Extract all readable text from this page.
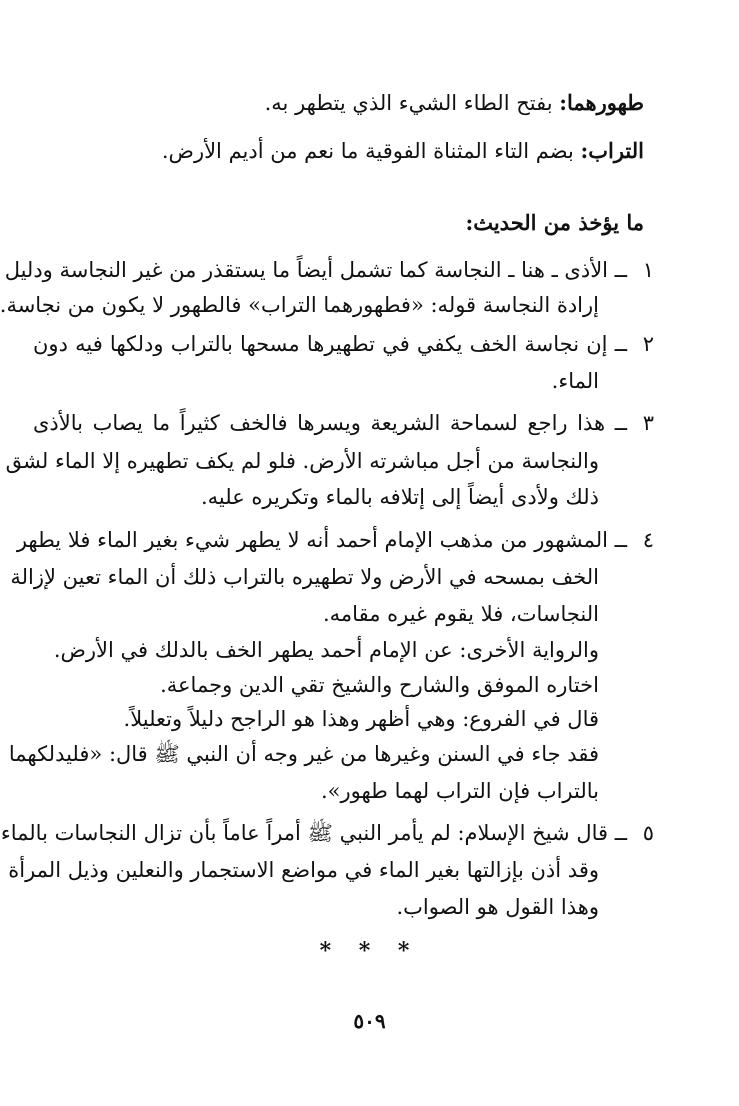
طهورهما: بفتح الطاء الشيء الذي يتطهر به.
التراب: بضم التاء المثناة الفوقية ما نعم من أديم الأرض.
ما يؤخذ من الحديث:
١
ــ الأذى ـ هنا ـ النجاسة كما تشمل أيضاً ما يستقذر من غير النجاسة ودليل
إرادة النجاسة قوله: «فطهورهما التراب» فالطهور لا يكون من نجاسة.
٢
ــ إن نجاسة الخف يكفي في تطهيرها مسحها بالتراب ودلكها فيه دون
الماء.
٣
ــ هذا راجع لسماحة الشريعة ويسرها فالخف كثيراً ما يصاب بالأذى
والنجاسة من أجل مباشرته الأرض. فلو لم يكف تطهيره إلا الماء لشق
ذلك ولأدى أيضاً إلى إتلافه بالماء وتكريره عليه.
٤
ــ المشهور من مذهب الإمام أحمد أنه لا يطهر شيء بغير الماء فلا يطهر
الخف بمسحه في الأرض ولا تطهيره بالتراب ذلك أن الماء تعين لإزالة
النجاسات، فلا يقوم غيره مقامه.
والرواية الأخرى: عن الإمام أحمد يطهر الخف بالدلك في الأرض.
اختاره الموفق والشارح والشيخ تقي الدين وجماعة.
قال في الفروع: وهي أظهر وهذا هو الراجح دليلاً وتعليلاً.
فقد جاء في السنن وغيرها من غير وجه أن النبي ﷺ قال: «فليدلكهما
بالتراب فإن التراب لهما طهور».
٥
ــ قال شيخ الإسلام: لم يأمر النبي ﷺ أمراً عاماً بأن تزال النجاسات بالماء
وقد أذن بإزالتها بغير الماء في مواضع الاستجمار والنعلين وذيل المرأة
وهذا القول هو الصواب.
* * *
٥٠٩
